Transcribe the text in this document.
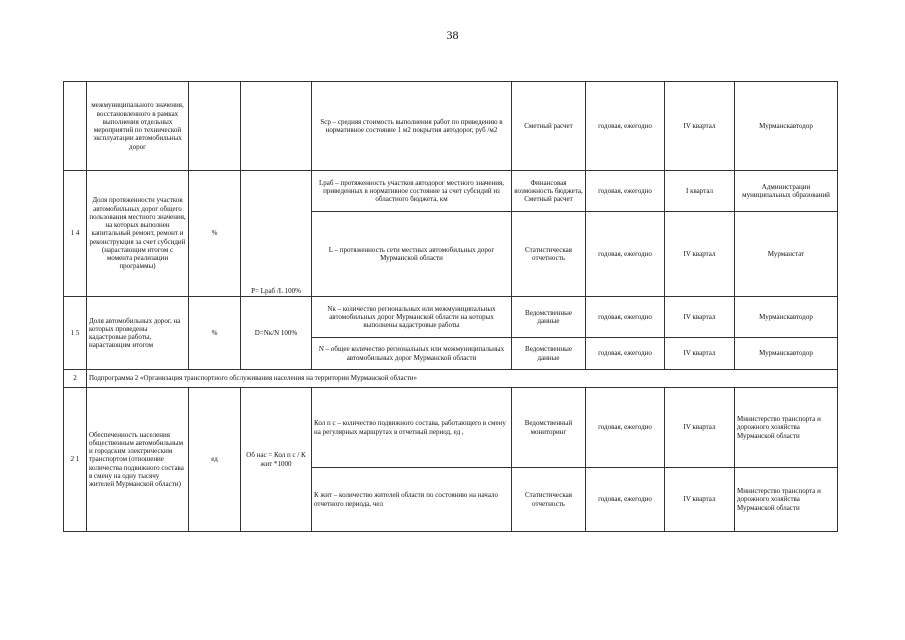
38
	межмуниципального значения, восстановленного в рамках выполнения отдельных мероприятий по технической эксплуатации автомобильных дорог			Scp – средняя стоимость выполнения работ по приведению в нормативное состояние 1 м2 покрытия автодорог, руб /м2	Сметный расчет	годовая, ежегодно	IV квартал	Мурманскавтодор
1 4	Доля протяженности участков автомобильных дорог общего пользования местного значения, на которых выполнен капитальный ремонт, ремонт и реконструкция за счет субсидий (нарастающим итогом с момента реализации программы)	%	P= Lраб /L 100%	Lраб – протяженность участков автодорог местного значения, приведенных в нормативное состояние за счет субсидий из областного бюджета, км	Финансовая возможность бюджета, Сметный расчет	годовая, ежегодно	I квартал	Администрации муниципальных образований
				L – протяженность сети местных автомобильных дорог Мурманской области	Статистическая отчетность	годовая, ежегодно	IV квартал	Мурманстат
1 5	Доля автомобильных дорог, на которых проведены кадастровые работы, нарастающим итогом	%	D=Nк/N 100%	Nк – количество региональных или межмуниципальных автомобильных дорог Мурманской области на которых выполнены кадастровые работы	Ведомственные данные	годовая, ежегодно	IV квартал	Мурманскавтодор
				N – общее количество региональных или межмуниципальных автомобильных дорог Мурманской области	Ведомственные данные	годовая, ежегодно	IV квартал	Мурманскавтодор
2	Подпрограмма 2 «Организация транспортного обслуживания населения на территории Мурманской области»							
2 1	Обеспеченность населения общественным автомобильным и городским электрическим транспортом (отношение количества подвижного состава в смену на одну тысячу жителей Мурманской области)	ед	Об нас = Кол п с / К жит *1000	Кол п с – количество подвижного состава, работающего в смену на регулярных маршрутах в отчетный период, ед ,	Ведомственный мониторинг	годовая, ежегодно	IV квартал	Министерство транспорта и дорожного хозяйства Мурманской области
				К жит – количество жителей области по состоянию на начало отчетного периода, чел	Статистическая отчетность	годовая, ежегодно	IV квартал	Министерство транспорта и дорожного хозяйства Мурманской области
